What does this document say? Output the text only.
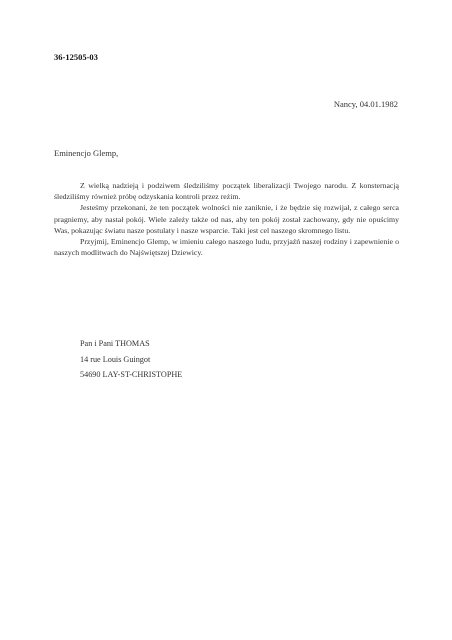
36-12505-03
Nancy, 04.01.1982
Eminencjo Glemp,

Z wielką nadzieją i podziwem śledziliśmy początek liberalizacji Twojego narodu. Z konsternacją śledziliśmy również próbę odzyskania kontroli przez reżim.

Jesteśmy przekonani, że ten początek wolności nie zaniknie, i że będzie się rozwijał, z całego serca pragniemy, aby nastał pokój. Wiele zależy także od nas, aby ten pokój został zachowany, gdy nie opuścimy Was, pokazując światu nasze postulaty i nasze wsparcie. Taki jest cel naszego skromnego listu.

Przyjmij, Eminencjo Glemp, w imieniu całego naszego ludu, przyjaźń naszej rodziny i zapewnienie o naszych modlitwach do Najświętszej Dziewicy.

Pan i Pani THOMAS
14 rue Louis Guingot
54690 LAY-ST-CHRISTOPHE
